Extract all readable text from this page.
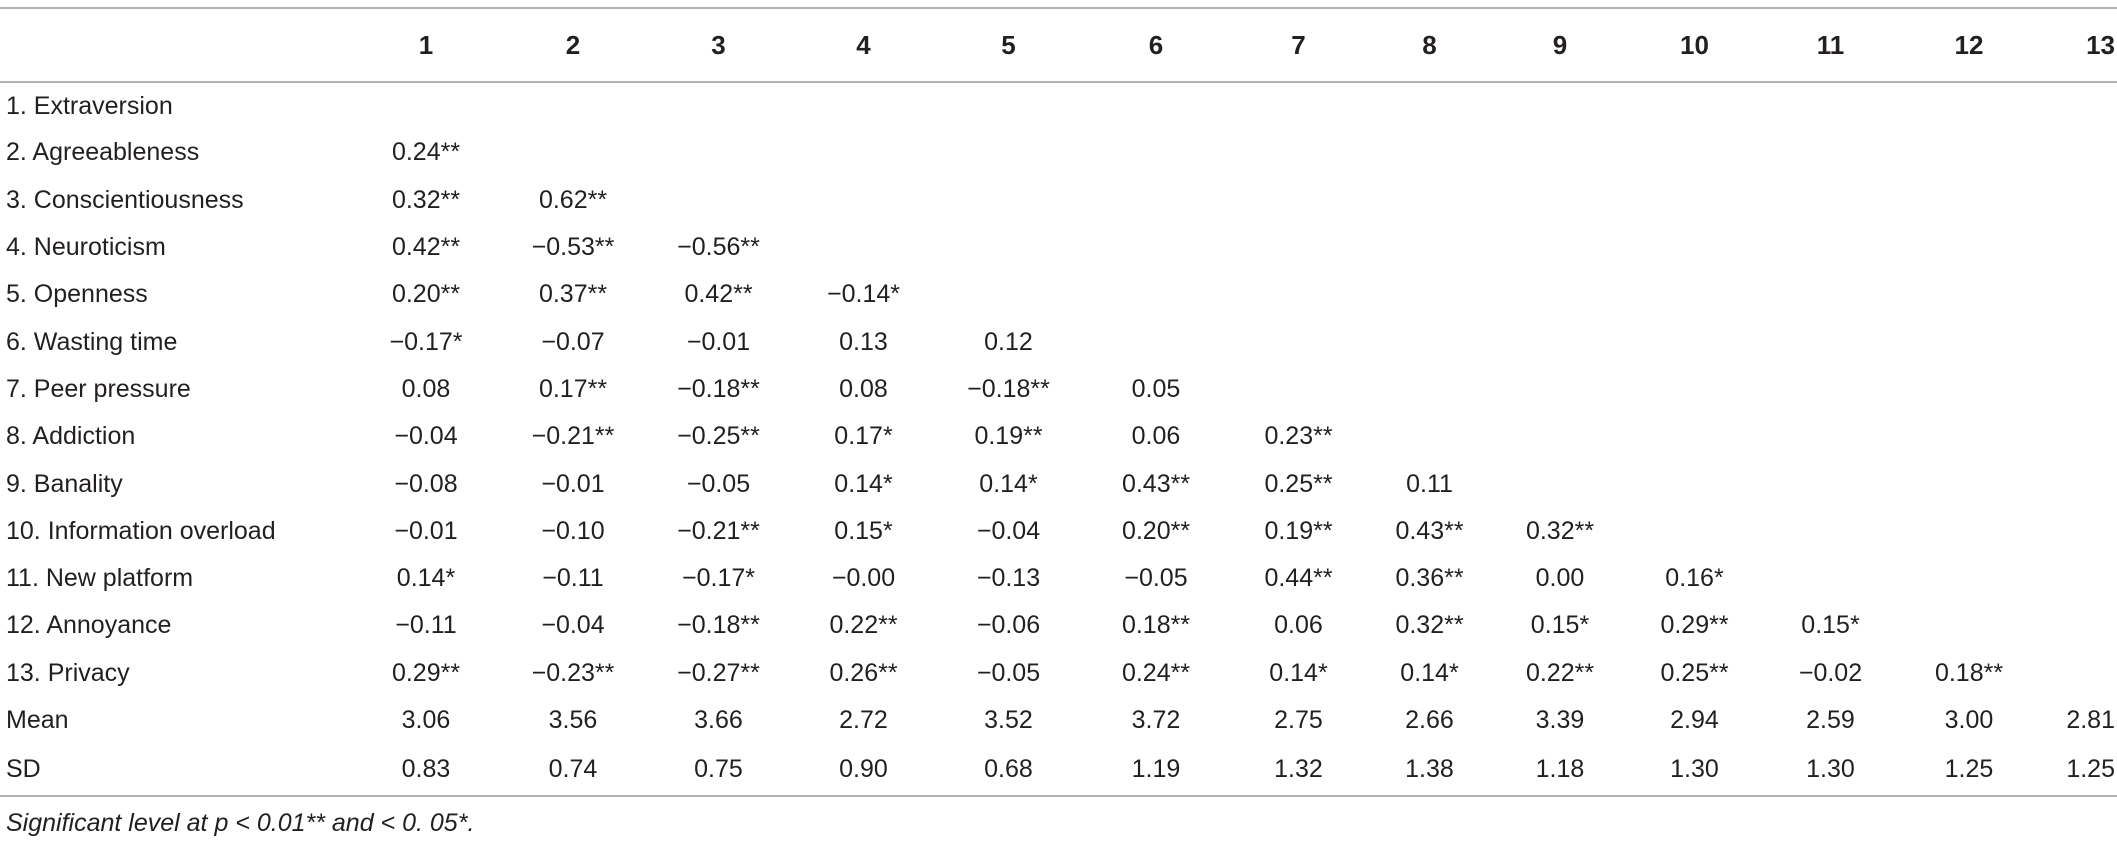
	1	2	3	4	5	6	7	8	9	10	11	12	13
1. Extraversion													
2. Agreeableness	0.24**												
3. Conscientiousness	0.32**	0.62**											
4. Neuroticism	0.42**	−0.53**	−0.56**										
5. Openness	0.20**	0.37**	0.42**	−0.14*									
6. Wasting time	−0.17*	−0.07	−0.01	0.13	0.12								
7. Peer pressure	0.08	0.17**	−0.18**	0.08	−0.18**	0.05							
8. Addiction	−0.04	−0.21**	−0.25**	0.17*	0.19**	0.06	0.23**						
9. Banality	−0.08	−0.01	−0.05	0.14*	0.14*	0.43**	0.25**	0.11					
10. Information overload	−0.01	−0.10	−0.21**	0.15*	−0.04	0.20**	0.19**	0.43**	0.32**				
11. New platform	0.14*	−0.11	−0.17*	−0.00	−0.13	−0.05	0.44**	0.36**	0.00	0.16*			
12. Annoyance	−0.11	−0.04	−0.18**	0.22**	−0.06	0.18**	0.06	0.32**	0.15*	0.29**	0.15*		
13. Privacy	0.29**	−0.23**	−0.27**	0.26**	−0.05	0.24**	0.14*	0.14*	0.22**	0.25**	−0.02	0.18**	
Mean	3.06	3.56	3.66	2.72	3.52	3.72	2.75	2.66	3.39	2.94	2.59	3.00	2.81
SD	0.83	0.74	0.75	0.90	0.68	1.19	1.32	1.38	1.18	1.30	1.30	1.25	1.25
Significant level at p < 0.01** and < 0. 05*.
